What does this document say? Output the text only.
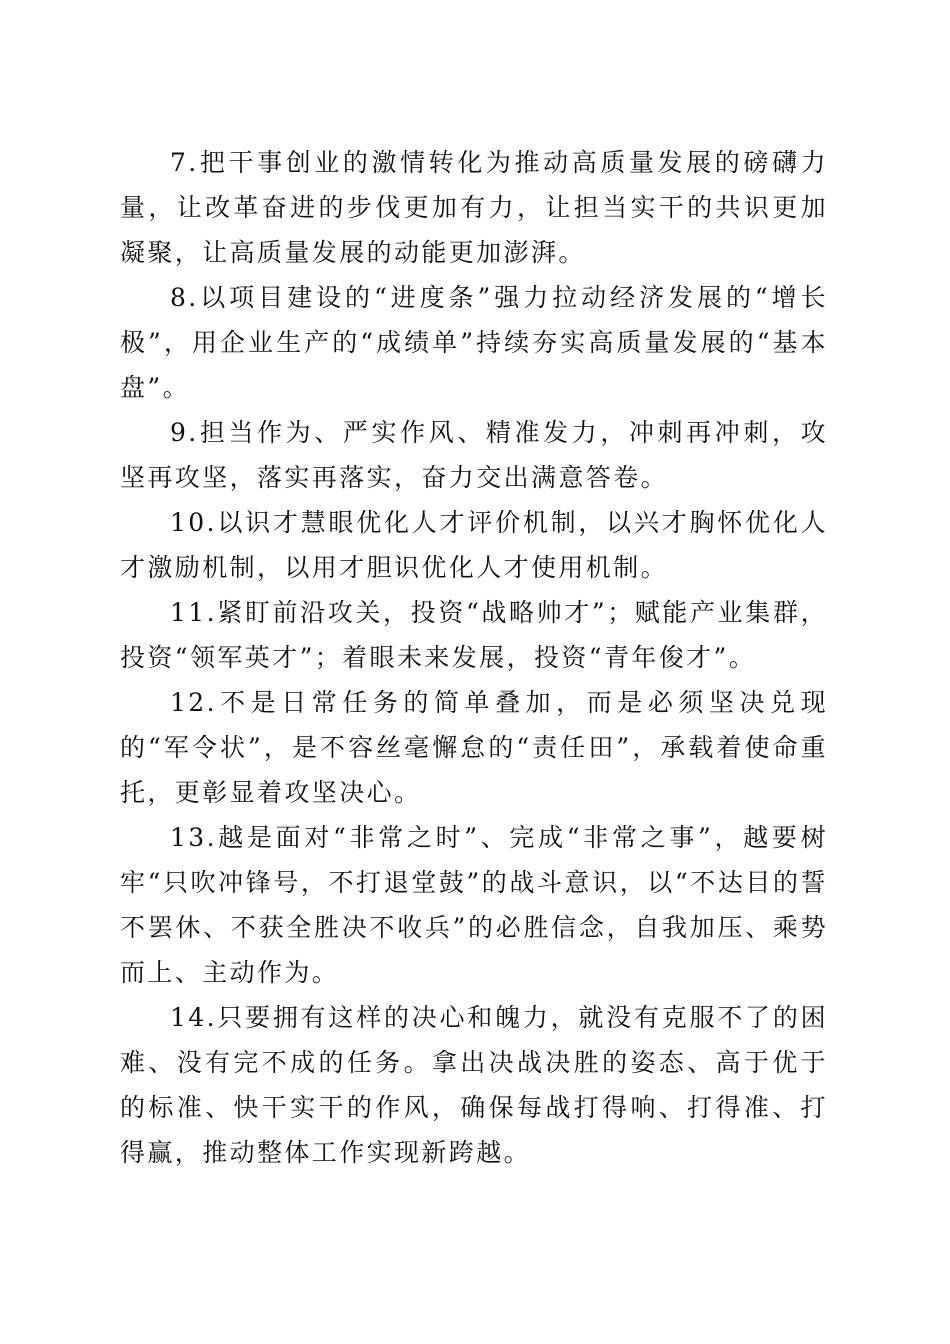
7.把干事创业的激情转化为推动高质量发展的磅礴力量，让改革奋进的步伐更加有力，让担当实干的共识更加凝聚，让高质量发展的动能更加澎湃。

8.以项目建设的“进度条”强力拉动经济发展的“增长极”，用企业生产的“成绩单”持续夯实高质量发展的“基本盘”。

9.担当作为、严实作风、精准发力，冲刺再冲刺，攻坚再攻坚，落实再落实，奋力交出满意答卷。

10.以识才慧眼优化人才评价机制，以兴才胸怀优化人才激励机制，以用才胆识优化人才使用机制。

11.紧盯前沿攻关，投资“战略帅才”；赋能产业集群，投资“领军英才”；着眼未来发展，投资“青年俊才”。

12.不是日常任务的简单叠加，而是必须坚决兑现的“军令状”，是不容丝毫懈怠的“责任田”，承载着使命重托，更彰显着攻坚决心。

13.越是面对“非常之时”、完成“非常之事”，越要树牢“只吹冲锋号，不打退堂鼓”的战斗意识，以“不达目的誓不罢休、不获全胜决不收兵”的必胜信念，自我加压、乘势而上、主动作为。

14.只要拥有这样的决心和魄力，就没有克服不了的困难、没有完不成的任务。拿出决战决胜的姿态、高于优于的标准、快干实干的作风，确保每战打得响、打得准、打得赢，推动整体工作实现新跨越。
